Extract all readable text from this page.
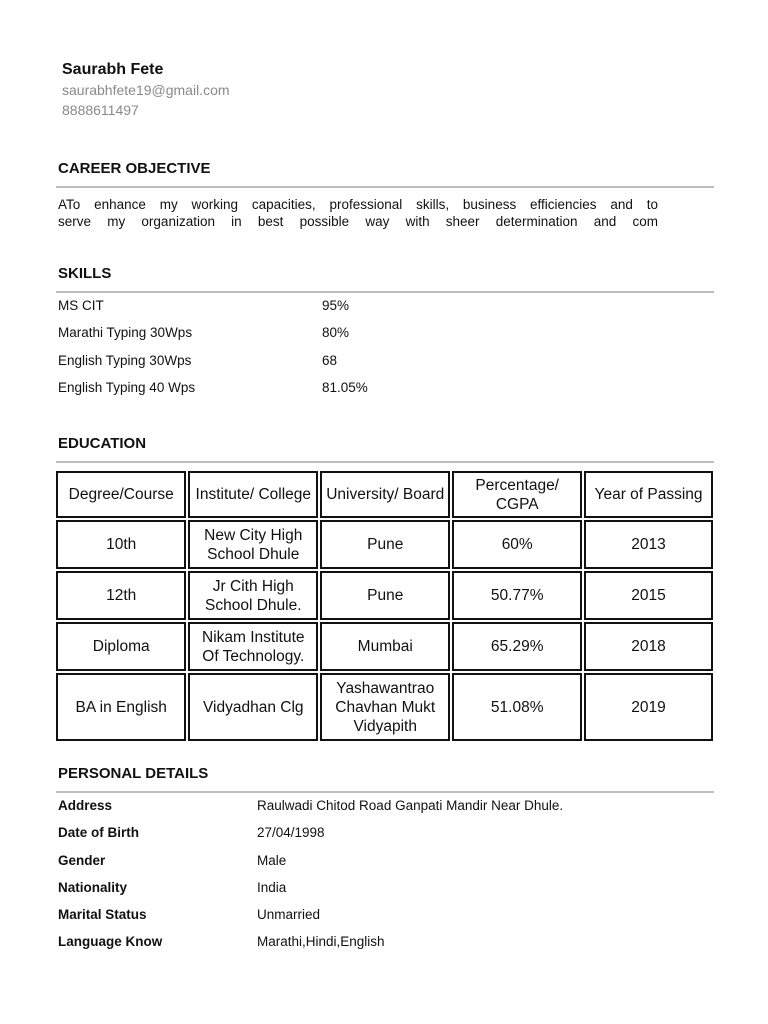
Saurabh Fete
saurabhfete19@gmail.com
8888611497
CAREER OBJECTIVE
ATo enhance my working capacities, professional skills, business efficiencies and to
serve my organization in best possible way with sheer determination and com
SKILLS
MS CIT	95%
Marathi Typing 30Wps	80%
English Typing 30Wps	68
English Typing 40 Wps	81.05%
EDUCATION
Degree/Course	Institute/ College	University/ Board	Percentage/ CGPA	Year of Passing
10th	New City High School Dhule	Pune	60%	2013
12th	Jr Cith High School Dhule.	Pune	50.77%	2015
Diploma	Nikam Institute Of Technology.	Mumbai	65.29%	2018
BA in English	Vidyadhan Clg	Yashawantrao Chavhan Mukt Vidyapith	51.08%	2019
PERSONAL DETAILS
Address	Raulwadi Chitod Road Ganpati Mandir Near Dhule.
Date of Birth	27/04/1998
Gender	Male
Nationality	India
Marital Status	Unmarried
Language Know	Marathi,Hindi,English
